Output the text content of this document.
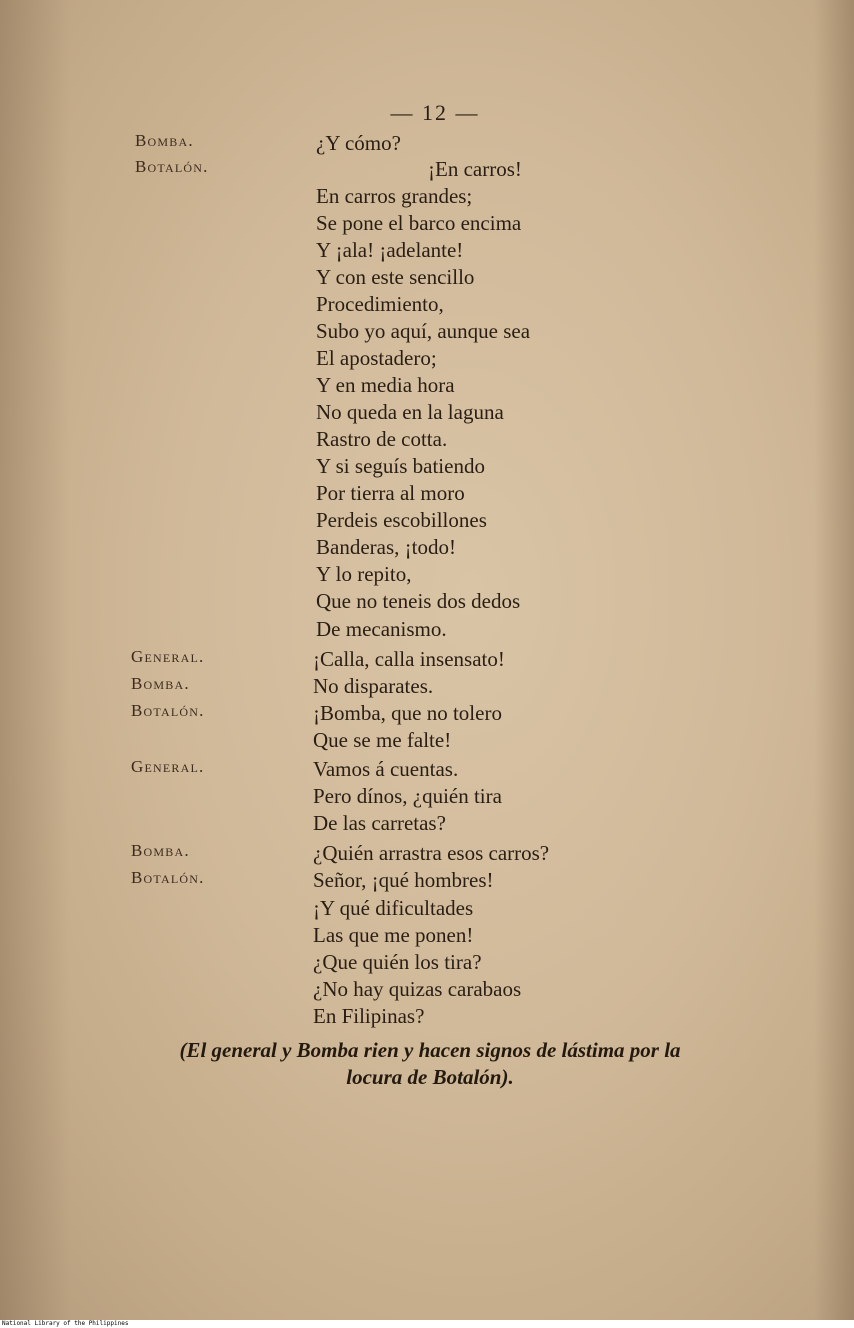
— 12 —
Bomba.	¿Y cómo?
Botalón.	¡En carros!
En carros grandes;
Se pone el barco encima
Y ¡ala! ¡adelante!
Y con este sencillo
Procedimiento,
Subo yo aquí, aunque sea
El apostadero;
Y en media hora
No queda en la laguna
Rastro de cotta.
Y si seguís batiendo
Por tierra al moro
Perdeis escobillones
Banderas, ¡todo!
Y lo repito,
Que no teneis dos dedos
De mecanismo.
General.	¡Calla, calla insensato!
Bomba.	No disparates.
Botalón.	¡Bomba, que no tolero
Que se me falte!
General.	Vamos á cuentas.
Pero dínos, ¿quién tira
De las carretas?
Bomba.	¿Quién arrastra esos carros?
Botalón.	Señor, ¡qué hombres!
¡Y qué dificultades
Las que me ponen!
¿Que quién los tira?
¿No hay quizas carabaos
En Filipinas?
(El general y Bomba rien y hacen signos de lástima por la
locura de Botalón).
National Library of the Philippines
